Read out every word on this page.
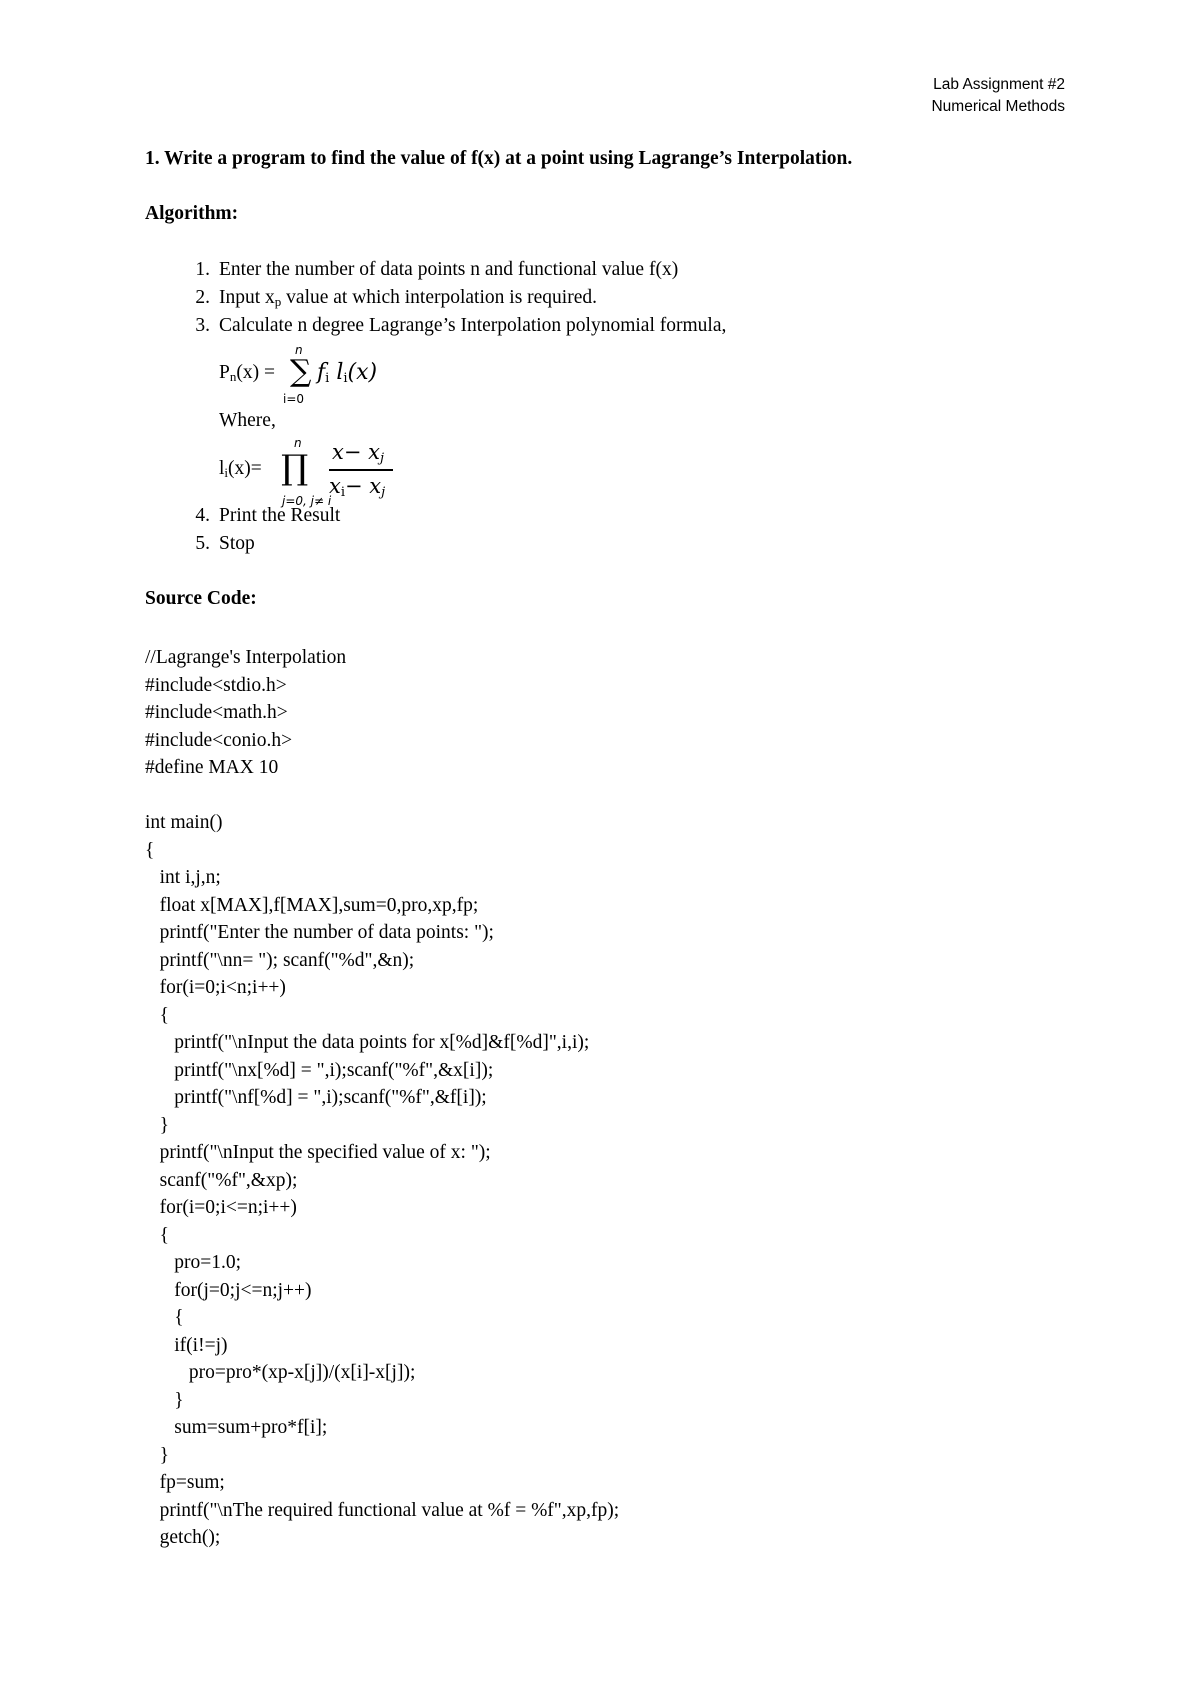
Lab Assignment #2
Numerical Methods
1. Write a program to find the value of f(x) at a point using Lagrange’s Interpolation.
Algorithm:
1. Enter the number of data points n and functional value f(x)
2. Input $x_p$ value at which interpolation is required.
3. Calculate n degree Lagrange’s Interpolation polynomial formula,
4. Print the Result
5. Stop
$P_n(x)$ = ∑
n
i=0
$f_i$ $l_i(x)$
Where,
$l_i(x)=$ ∏
n
j=0, j≠ i
$x- x_j$
$x_i- x_j$
Source Code:
//Lagrange's Interpolation
#include<stdio.h>
#include<math.h>
#include<conio.h>
#define MAX 10
int main()
{
int i,j,n;
float x[MAX],f[MAX],sum=0,pro,xp,fp;
printf("Enter the number of data points: ");
printf("\nn= "); scanf("%d",&n);
for(i=0;i<n;i++)
{
printf("\nInput the data points for x[%d]&f[%d]",i,i);
printf("\nx[%d] = ",i);scanf("%f",&x[i]);
printf("\nf[%d] = ",i);scanf("%f",&f[i]);
}
printf("\nInput the specified value of x: ");
scanf("%f",&xp);
for(i=0;i<=n;i++)
{
pro=1.0;
for(j=0;j<=n;j++)
{
if(i!=j)
pro=pro*(xp-x[j])/(x[i]-x[j]);
}
sum=sum+pro*f[i];
}
fp=sum;
printf("\nThe required functional value at %f = %f",xp,fp);
getch();
